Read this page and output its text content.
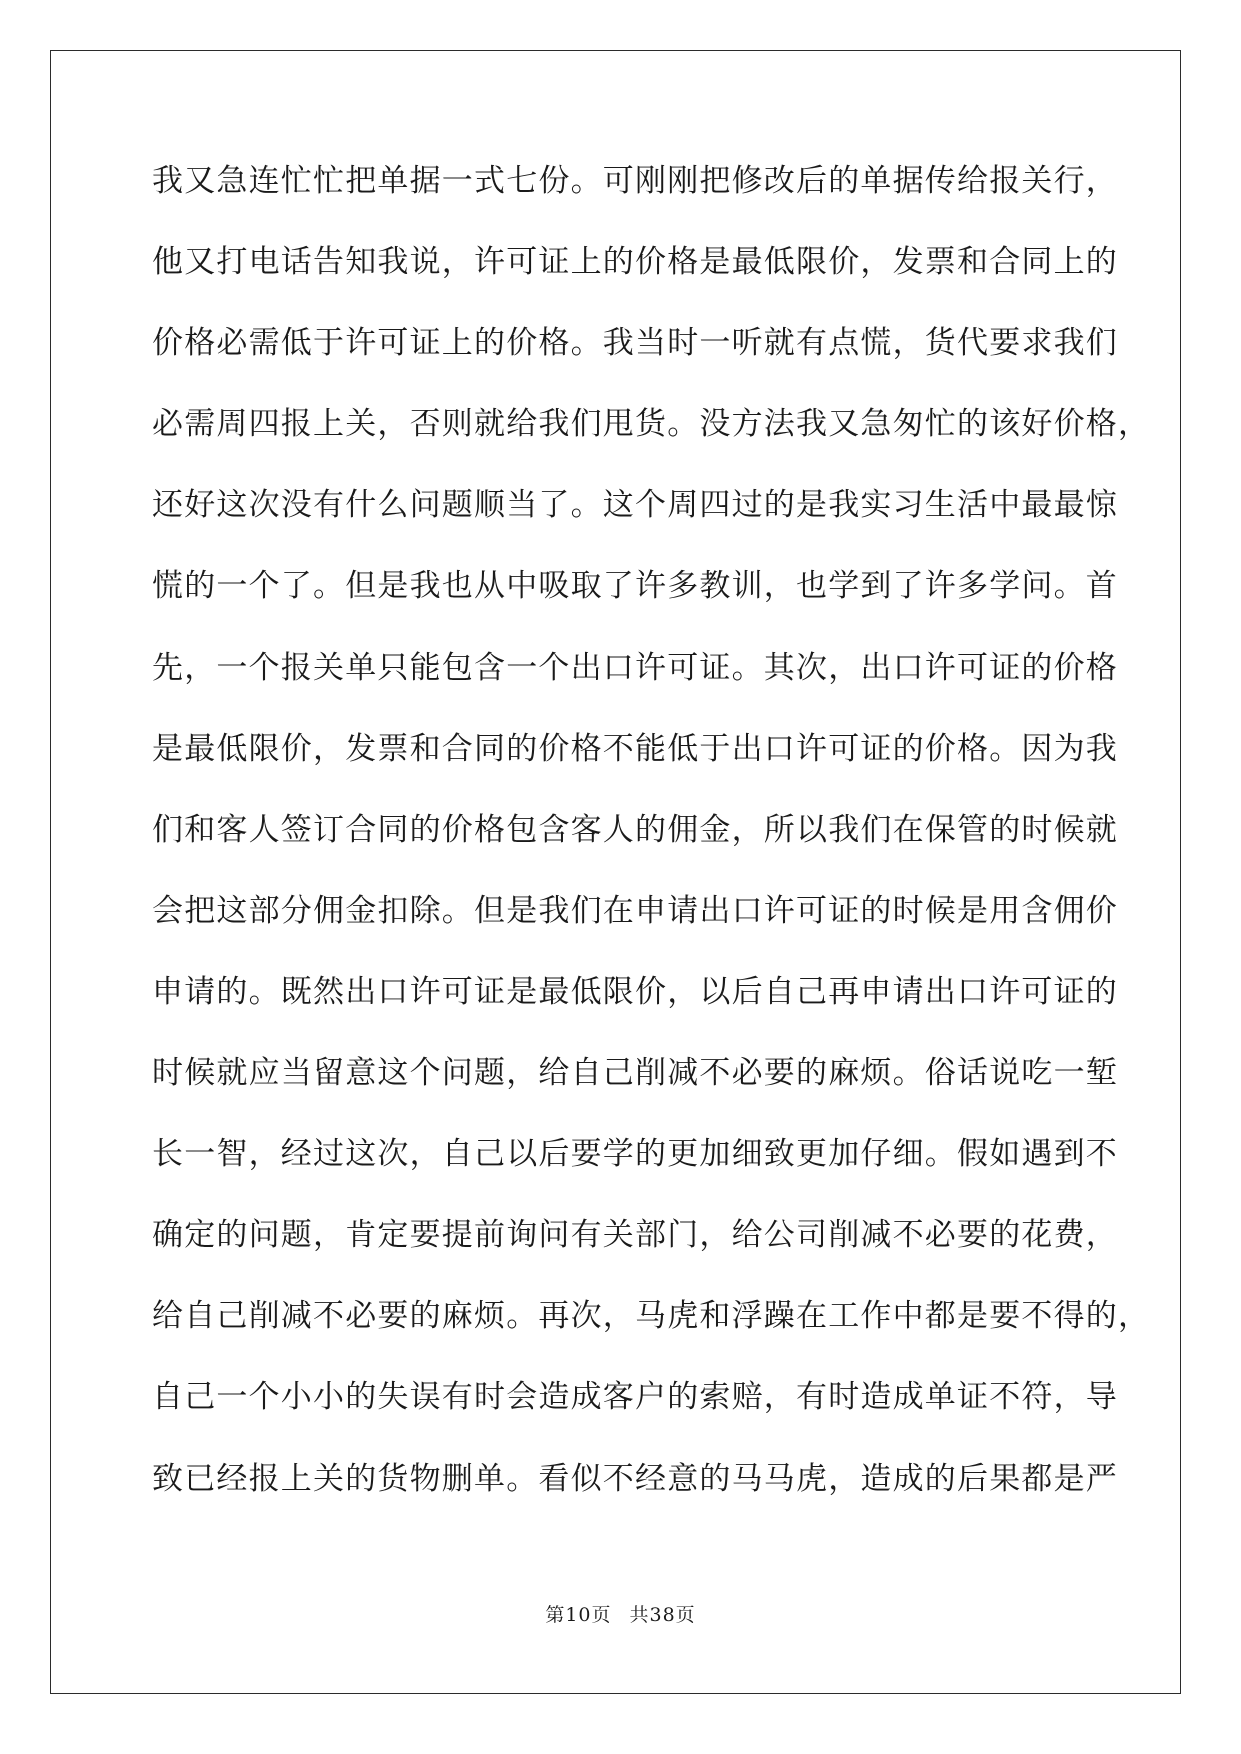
我又急连忙忙把单据一式七份。可刚刚把修改后的单据传给报关行，
他又打电话告知我说，许可证上的价格是最低限价，发票和合同上的
价格必需低于许可证上的价格。我当时一听就有点慌，货代要求我们
必需周四报上关，否则就给我们甩货。没方法我又急匆忙的该好价格，
还好这次没有什么问题顺当了。这个周四过的是我实习生活中最最惊
慌的一个了。但是我也从中吸取了许多教训，也学到了许多学问。首
先，一个报关单只能包含一个出口许可证。其次，出口许可证的价格
是最低限价，发票和合同的价格不能低于出口许可证的价格。因为我
们和客人签订合同的价格包含客人的佣金，所以我们在保管的时候就
会把这部分佣金扣除。但是我们在申请出口许可证的时候是用含佣价
申请的。既然出口许可证是最低限价，以后自己再申请出口许可证的
时候就应当留意这个问题，给自己削减不必要的麻烦。俗话说吃一堑
长一智，经过这次，自己以后要学的更加细致更加仔细。假如遇到不
确定的问题，肯定要提前询问有关部门，给公司削减不必要的花费，
给自己削减不必要的麻烦。再次，马虎和浮躁在工作中都是要不得的，
自己一个小小的失误有时会造成客户的索赔，有时造成单证不符，导
致已经报上关的货物删单。看似不经意的马马虎，造成的后果都是严
第10页 共38页
